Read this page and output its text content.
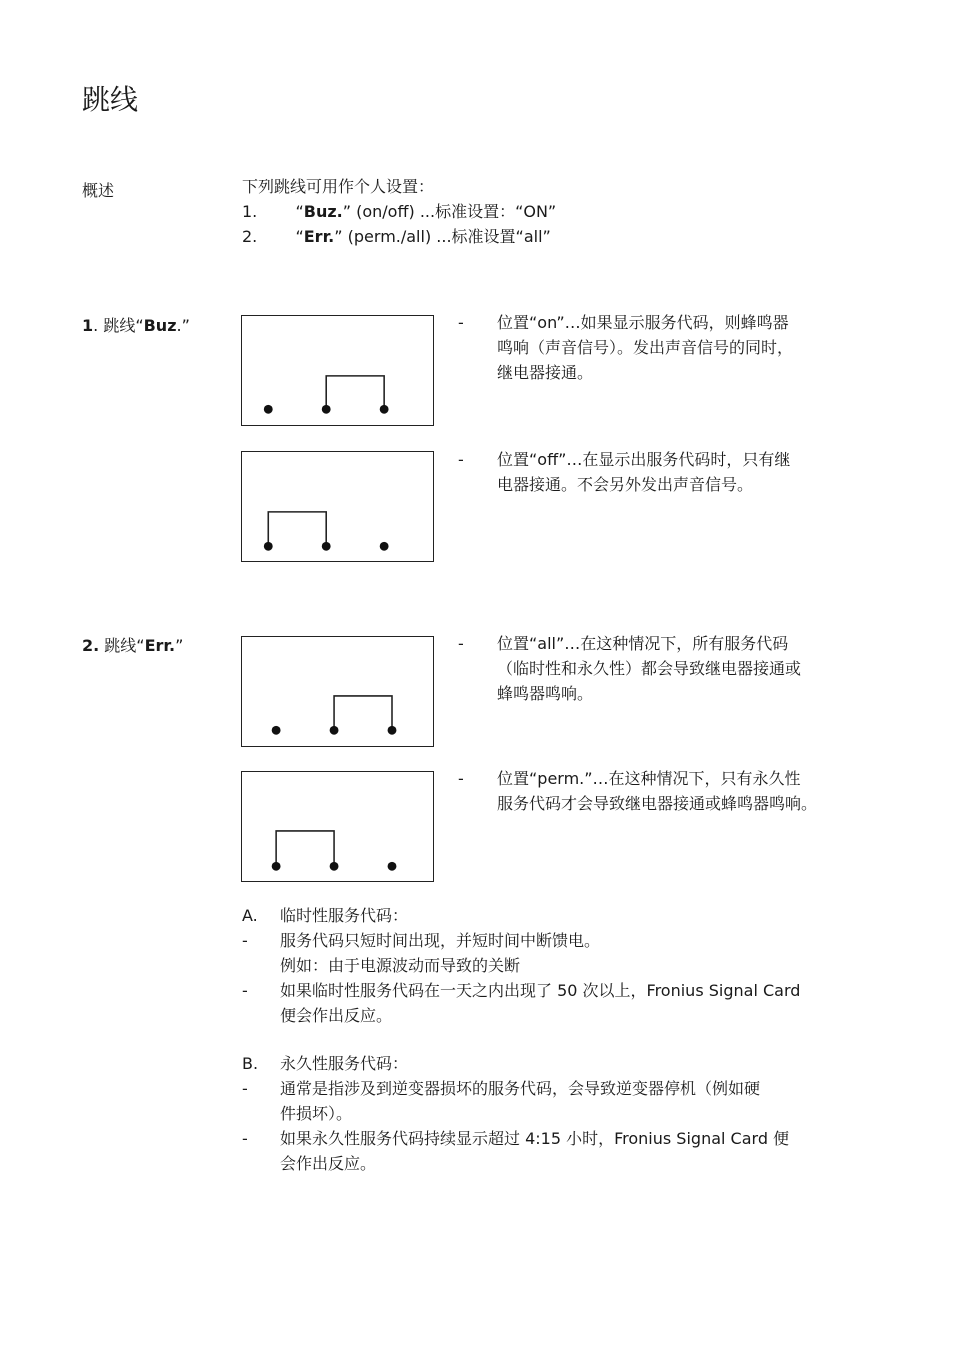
跳线
概述	下列跳线可用作个人设置：
1. “Buz.” (on/off) ...标准设置：“ON”
2. “Err.” (perm./all) ...标准设置“all”
1. 跳线“Buz.”	- 位置“on”…如果显示服务代码，则蜂鸣器
鸣响（声音信号）。发出声音信号的同时，
继电器接通。
- 位置“off”…在显示出服务代码时，只有继
电器接通。不会另外发出声音信号。
2. 跳线“Err.”	- 位置“all”…在这种情况下，所有服务代码
（临时性和永久性）都会导致继电器接通或
蜂鸣器鸣响。
- 位置“perm.”…在这种情况下，只有永久性
服务代码才会导致继电器接通或蜂鸣器鸣响。
A. 临时性服务代码：
- 服务代码只短时间出现，并短时间中断馈电。
例如：由于电源波动而导致的关断
- 如果临时性服务代码在一天之内出现了 50 次以上，Fronius Signal Card
便会作出反应。
B. 永久性服务代码：
- 通常是指涉及到逆变器损坏的服务代码，会导致逆变器停机（例如硬
件损坏）。
- 如果永久性服务代码持续显示超过 4:15 小时，Fronius Signal Card 便
会作出反应。
